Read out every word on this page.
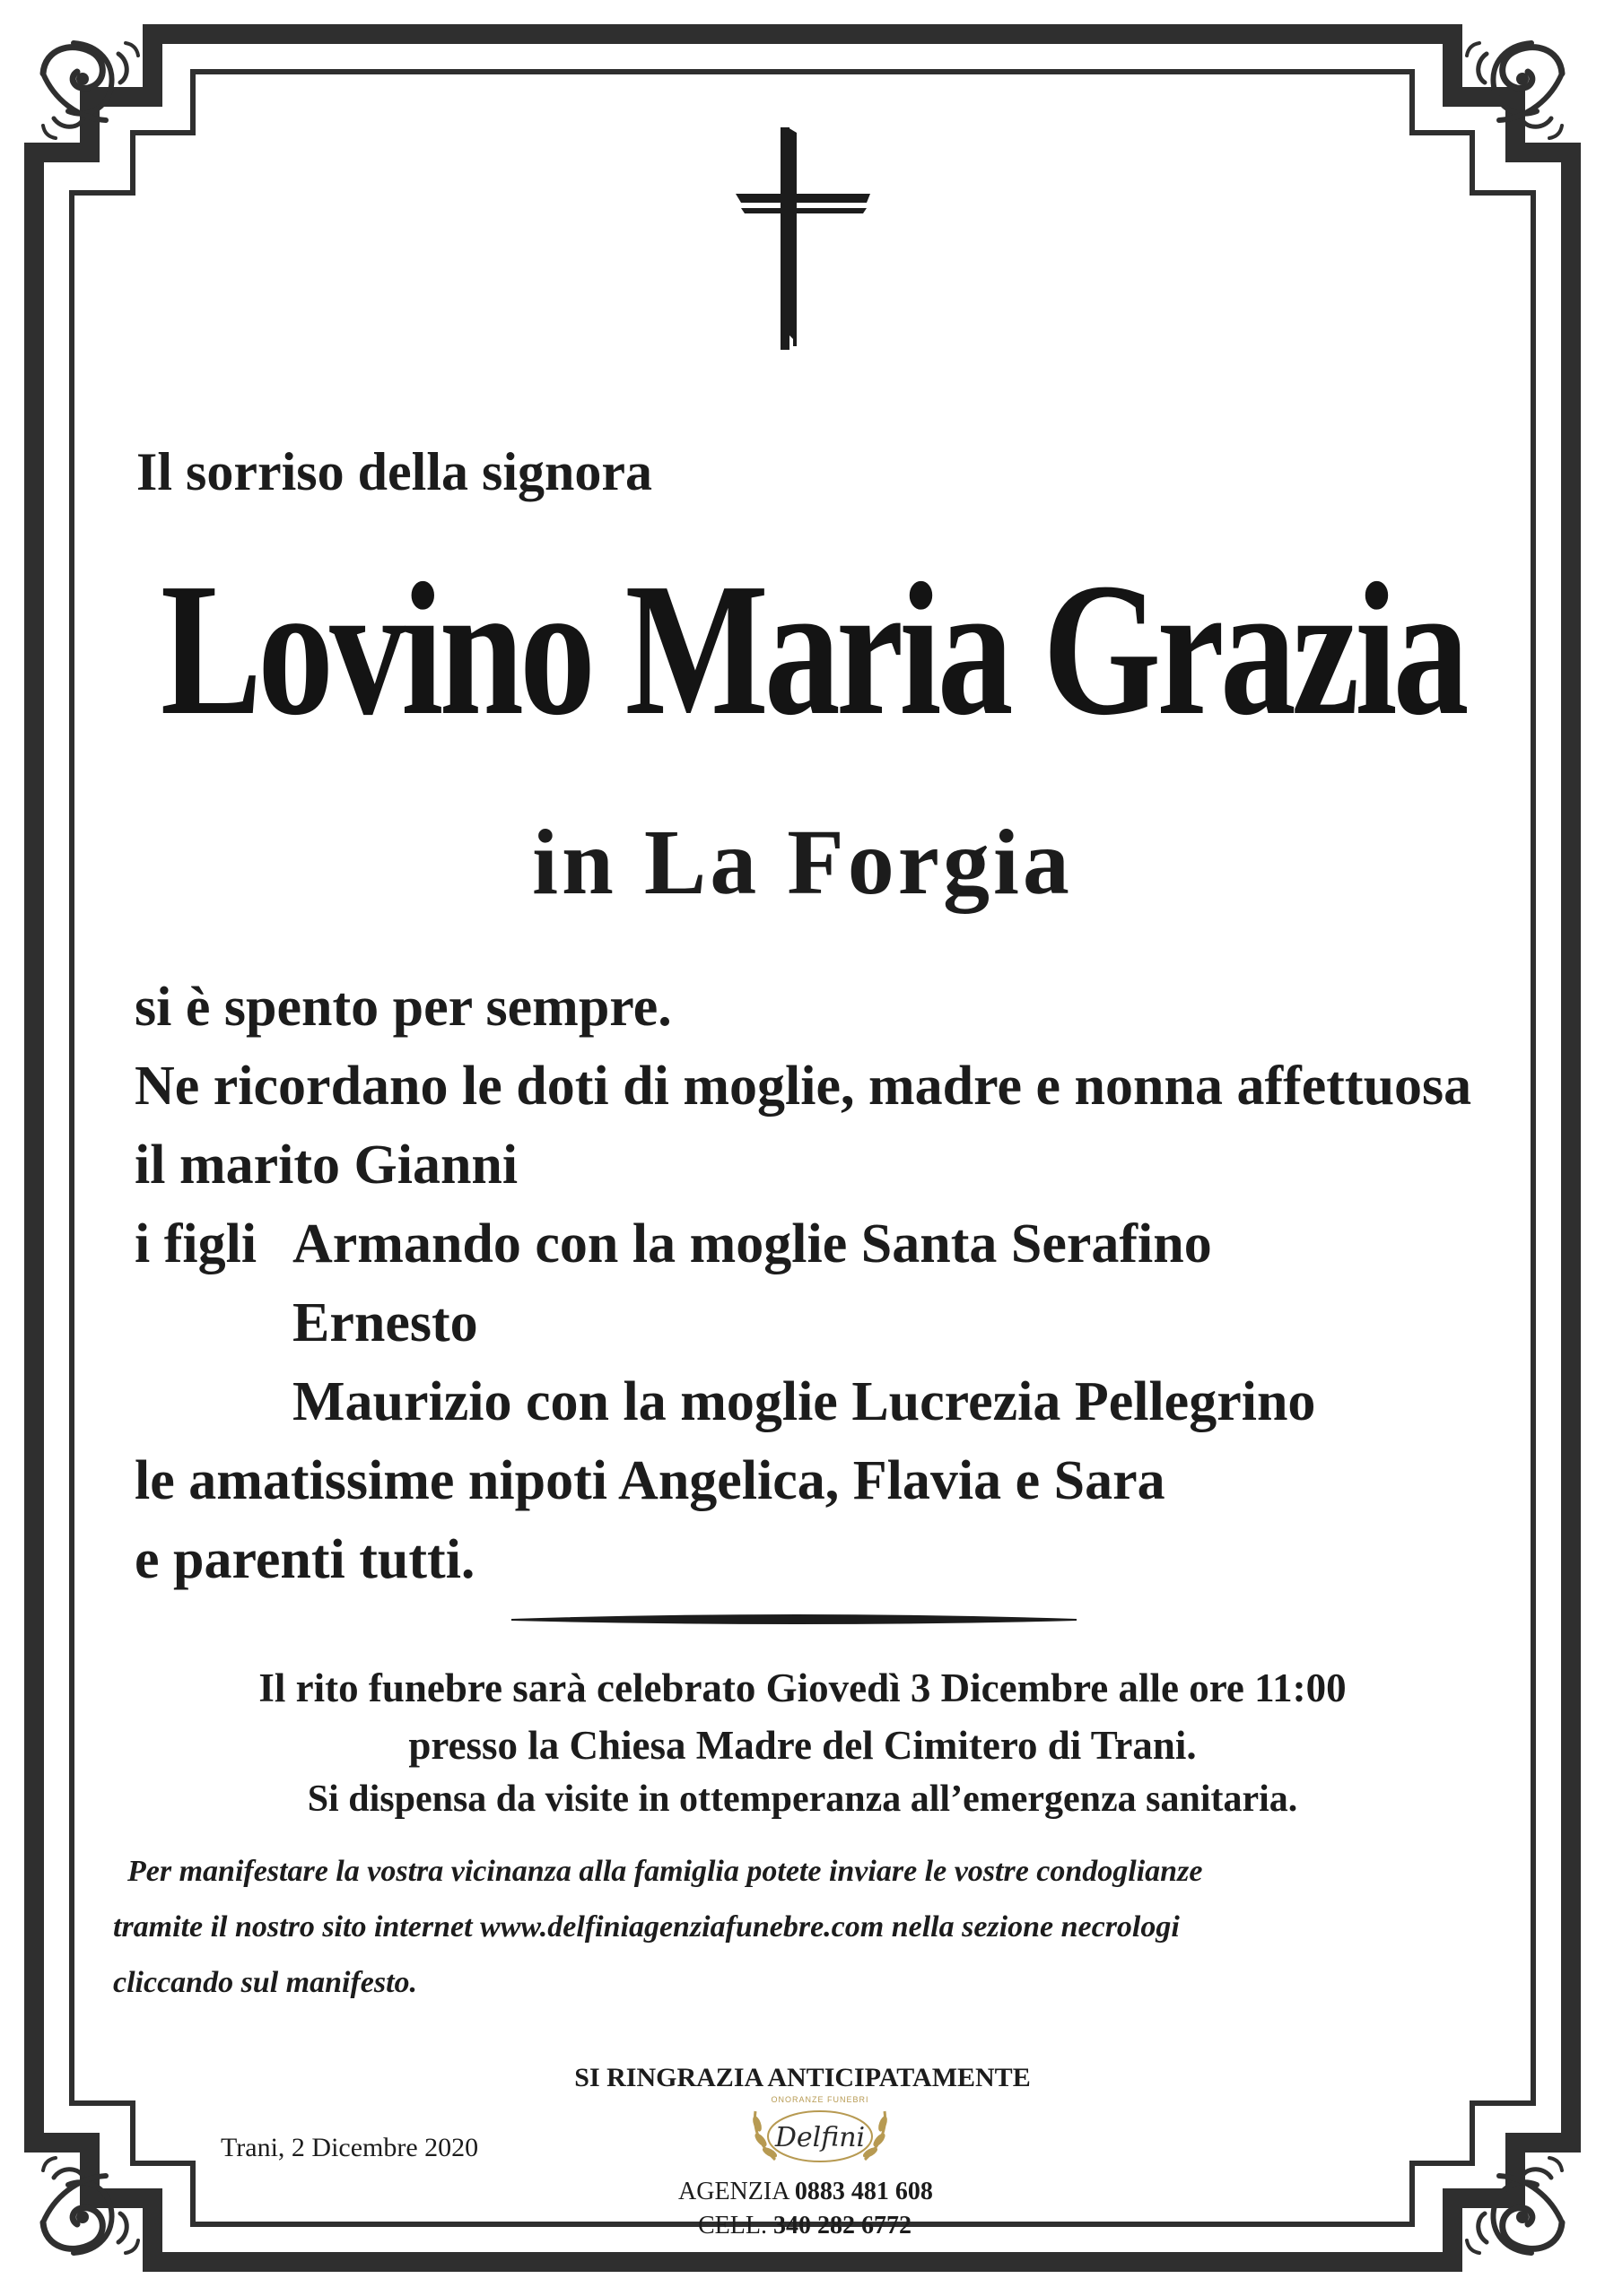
Il sorriso della signora

Lovino Maria Grazia

in La Forgia

si è spento per sempre.
Ne ricordano le doti di moglie, madre e nonna affettuosa
il marito Gianni
i figli Armando con la moglie Santa Serafino
Ernesto
Maurizio con la moglie Lucrezia Pellegrino
le amatissime nipoti Angelica, Flavia e Sara
e parenti tutti.
Il rito funebre sarà celebrato Giovedì 3 Dicembre alle ore 11:00
presso la Chiesa Madre del Cimitero di Trani.
Si dispensa da visite in ottemperanza all’emergenza sanitaria.
Per manifestare la vostra vicinanza alla famiglia potete inviare le vostre condoglianze
tramite il nostro sito internet www.delfiniagenziafunebre.com nella sezione necrologi
cliccando sul manifesto.
SI RINGRAZIA ANTICIPATAMENTE
Trani, 2 Dicembre 2020
ONORANZE FUNEBRI
Delfini
AGENZIA 0883 481 608
CELL. 340 282 6772
